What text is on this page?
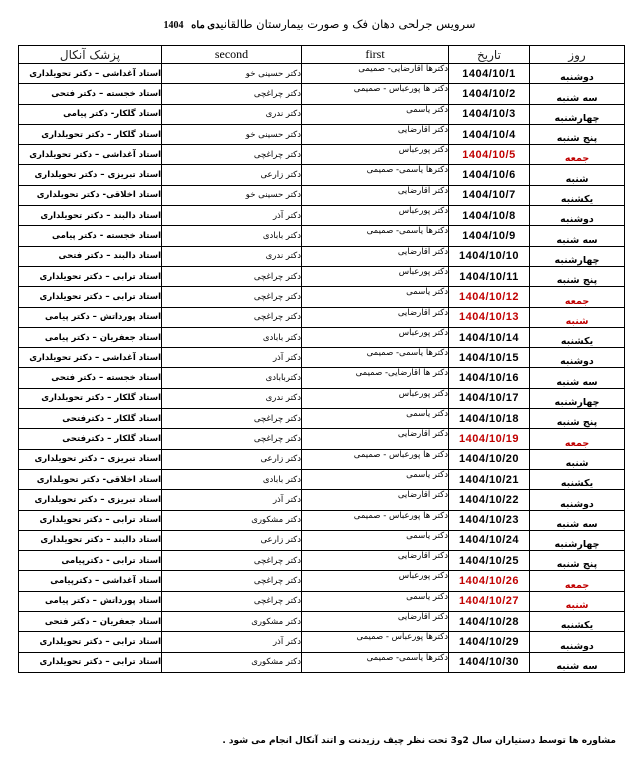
سرویس جرلحی دهان فک و صورت بیمارستان طالقانیدی ماه  1404
روز	تاریخ	first	second	پزشک آنکال
دوشنبه	1404/10/1	دکترها آقارضایی- صمیمی	دکتر حسینی خو	استاد آغداشی – دکتر تحویلداری
سه شنبه	1404/10/2	دکتر ها پورعباس - صمیمی	دکتر چراغچی	استاد خجسته – دکتر فتحی
چهارشنبه	1404/10/3	دکتر یاسمی	دکتر ندری	استاد گلکار- دکتر پیامی
پنج شنبه	1404/10/4	دکتر آقارضایی	دکتر حسینی خو	استاد گلکار – دکتر تحویلداری
جمعه	1404/10/5	دکتر پورعباس	دکتر چراغچی	استاد آغداشی – دکتر تحویلداری
شنبه	1404/10/6	دکترها یاسمی- صمیمی	دکتر زارعی	استاد تبریزی – دکتر تحویلداری
یکشنبه	1404/10/7	دکتر آقارضایی	دکتر حسینی خو	استاد اخلاقی- دکتر تحویلداری
دوشنبه	1404/10/8	دکتر پورعباس	دکتر آذر	استاد دالبند – دکتر تحویلداری
سه شنبه	1404/10/9	دکترها یاسمی- صمیمی	دکتر بابادی	استاد خجسته - دکتر پیامی
چهارشنبه	1404/10/10	دکتر آقارضایی	دکتر ندری	استاد دالبند – دکتر فتحی
پنج شنبه	1404/10/11	دکتر پورعباس	دکتر چراغچی	استاد ترابی – دکتر تحویلداری
جمعه	1404/10/12	دکتر یاسمی	دکتر چراغچی	استاد ترابی – دکتر تحویلداری
شنبه	1404/10/13	دکتر آقارضایی	دکتر چراغچی	استاد پورداتش – دکتر پیامی
یکشنبه	1404/10/14	دکتر پورعباس	دکتر بابادی	استاد جعفریان – دکتر پیامی
دوشنبه	1404/10/15	دکترها یاسمی- صمیمی	دکتر آذر	استاد آغداشی – دکتر تحویلداری
سه شنبه	1404/10/16	دکتر ها آقارضایی- صمیمی	دکتربابادی	استاد خجسته – دکتر فتحی
چهارشنبه	1404/10/17	دکتر پورعباس	دکتر ندری	استاد گلکار – دکتر تحویلداری
پنج شنبه	1404/10/18	دکتر یاسمی	دکتر چراغچی	استاد گلکار – دکترفتحی
جمعه	1404/10/19	دکتر آقارضایی	دکتر چراغچی	استاد گلکار – دکترفتحی
شنبه	1404/10/20	دکتر ها پورعباس - صمیمی	دکتر زارعی	استاد تبریزی – دکتر تحویلداری
یکشنبه	1404/10/21	دکتر یاسمی	دکتر بابادی	استاد اخلاقی- دکتر تحویلداری
دوشنبه	1404/10/22	دکتر آقارضایی	دکتر آذر	استاد تبریزی – دکتر تحویلداری
سه شنبه	1404/10/23	دکتر ها پورعباس - صمیمی	دکتر مشکوری	استاد ترابی – دکتر تحویلداری
چهارشنبه	1404/10/24	دکتر یاسمی	دکتر زارعی	استاد دالبند – دکتر تحویلداری
پنج شنبه	1404/10/25	دکتر آقارضایی	دکتر چراغچی	استاد ترابی - دکترپیامی
جمعه	1404/10/26	دکتر پورعباس	دکتر چراغچی	استاد آغداشی – دکترپیامی
شنبه	1404/10/27	دکتر یاسمی	دکتر چراغچی	استاد پورداتش – دکتر پیامی
یکشنبه	1404/10/28	دکتر آقارضایی	دکتر مشکوری	استاد جعفریان – دکتر فتحی
دوشنبه	1404/10/29	دکترها پورعباس - صمیمی	دکتر آذر	استاد ترابی – دکتر تحویلداری
سه شنبه	1404/10/30	دکترها یاسمی- صمیمی	دکتر مشکوری	استاد ترابی – دکتر تحویلداری
مشاوره ها توسط دستیاران سال 2و3 تحت نظر چیف رزیدنت و اتند آنکال انجام می شود .
